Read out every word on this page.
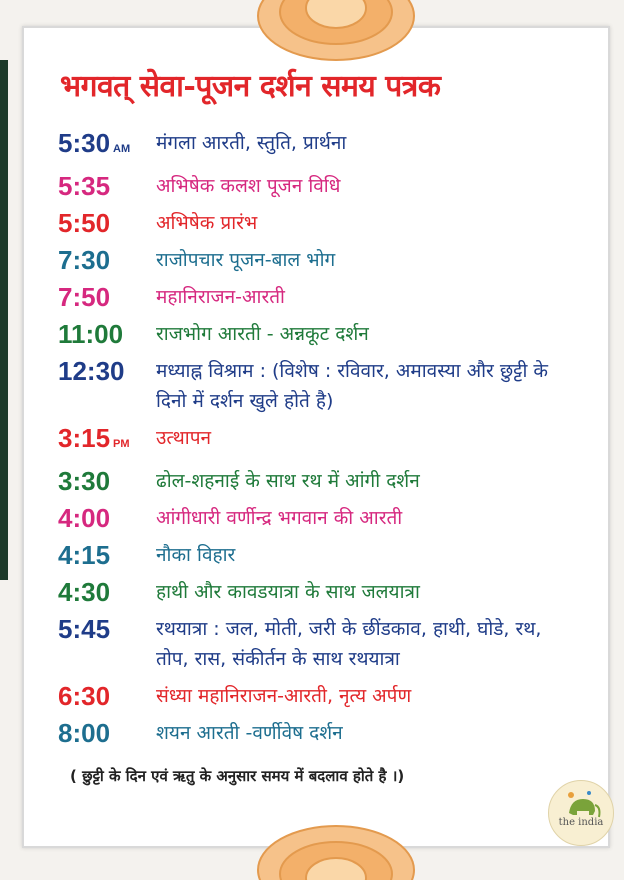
भगवत् सेवा-पूजन दर्शन समय पत्रक
5:30 AM	मंगला आरती, स्तुति, प्रार्थना
5:35	अभिषेक कलश पूजन विधि
5:50	अभिषेक प्रारंभ
7:30	राजोपचार पूजन-बाल भोग
7:50	महानिराजन-आरती
11:00	राजभोग आरती - अन्नकूट दर्शन
12:30	मध्याह्न विश्राम : (विशेष : रविवार, अमावस्या और छुट्टी के दिनो में दर्शन खुले होते है)
3:15 PM	उत्थापन
3:30	ढोल-शहनाई के साथ रथ में आंगी दर्शन
4:00	आंगीधारी वर्णीन्द्र भगवान की आरती
4:15	नौका विहार
4:30	हाथी और कावडयात्रा के साथ जलयात्रा
5:45	रथयात्रा : जल, मोती, जरी के छींडकाव, हाथी, घोडे, रथ, तोप, रास, संकीर्तन के साथ रथयात्रा
6:30	संध्या महानिराजन-आरती, नृत्य अर्पण
8:00	शयन आरती -वर्णीवेष दर्शन
( छुट्टी के दिन एवं ऋतु के अनुसार समय में बदलाव होते है ।)
the india
